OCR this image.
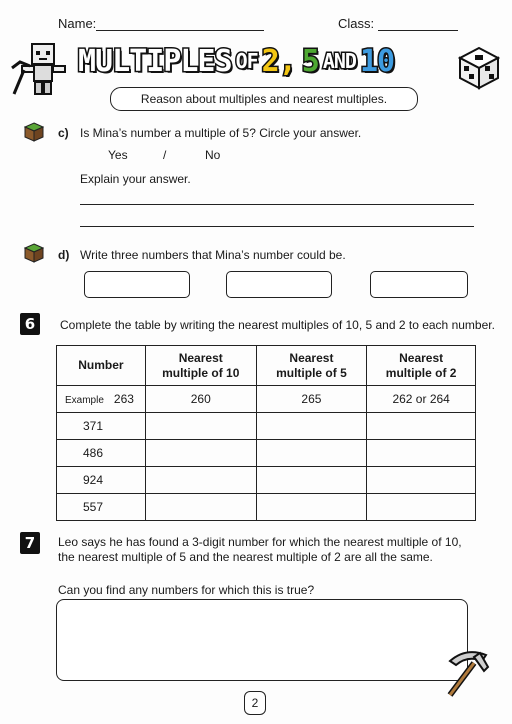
Name:	Class:
MULTIPLES OF 2, 5 AND 10
Reason about multiples and nearest multiples.
c) Is Mina’s number a multiple of 5? Circle your answer.
Yes	/	No
Explain your answer.
d) Write three numbers that Mina’s number could be.
6	Complete the table by writing the nearest multiples of 10, 5 and 2 to each number.
Number	Nearest multiple of 10	Nearest multiple of 5	Nearest multiple of 2

Example 263	260	265	262 or 264
371			
486			
924			
557			
7	Leo says he has found a 3-digit number for which the nearest multiple of 10, the nearest multiple of 5 and the nearest multiple of 2 are all the same.
Can you find any numbers for which this is true?
2
